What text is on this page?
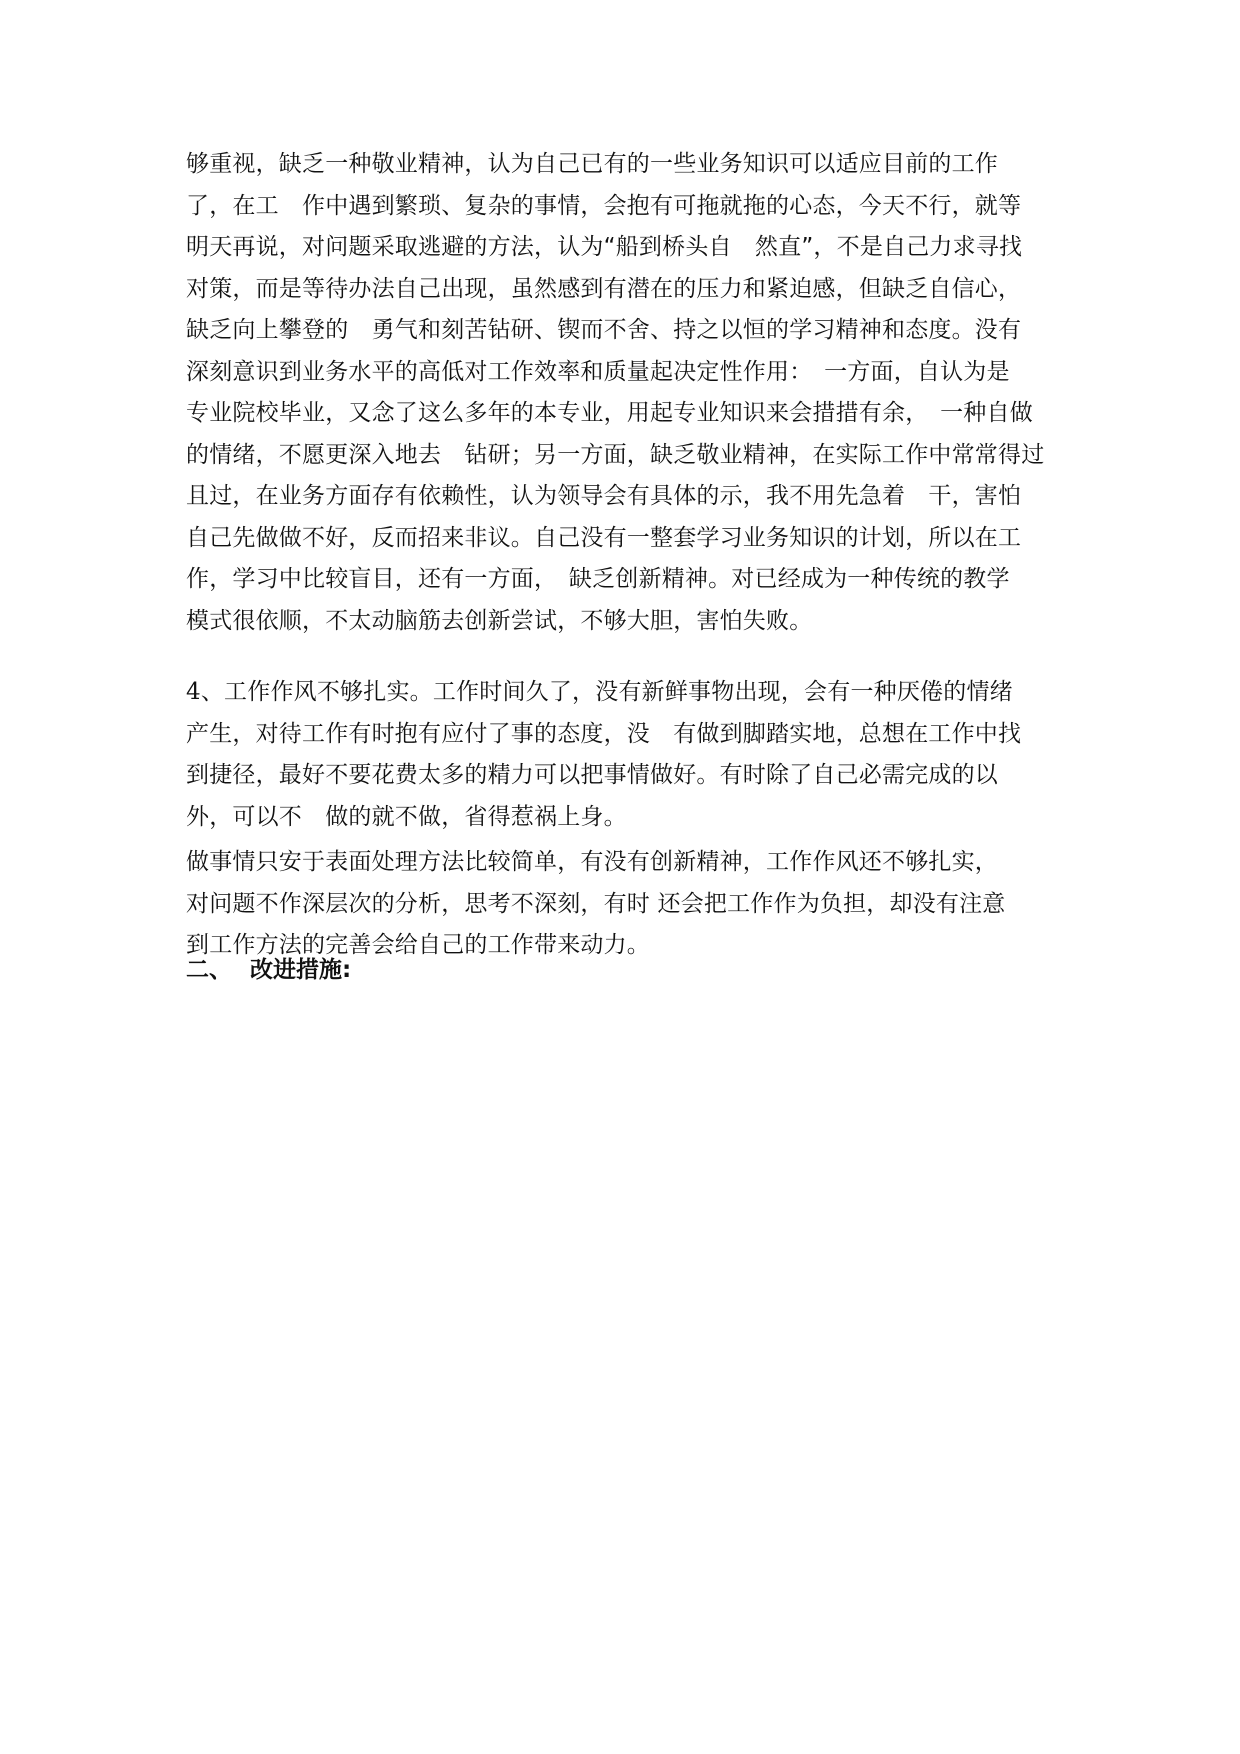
够重视，缺乏一种敬业精神，认为自己已有的一些业务知识可以适应目前的工作
了，在工　作中遇到繁琐、复杂的事情，会抱有可拖就拖的心态，今天不行，就等
明天再说，对问题采取逃避的方法，认为“船到桥头自　然直”，不是自己力求寻找
对策，而是等待办法自己出现，虽然感到有潜在的压力和紧迫感，但缺乏自信心，
缺乏向上攀登的　勇气和刻苦钻研、锲而不舍、持之以恒的学习精神和态度。没有
深刻意识到业务水平的高低对工作效率和质量起决定性作用：　一方面，自认为是
专业院校毕业，又念了这么多年的本专业，用起专业知识来会措措有余，　一种自做
的情绪，不愿更深入地去　钻研；另一方面，缺乏敬业精神，在实际工作中常常得过
且过，在业务方面存有依赖性，认为领导会有具体的示，我不用先急着　干，害怕
自己先做做不好，反而招来非议。自己没有一整套学习业务知识的计划，所以在工
作，学习中比较盲目，还有一方面，　缺乏创新精神。对已经成为一种传统的教学
模式很依顺，不太动脑筋去创新尝试，不够大胆，害怕失败。
4、工作作风不够扎实。工作时间久了，没有新鲜事物出现，会有一种厌倦的情绪
产生，对待工作有时抱有应付了事的态度，没　有做到脚踏实地，总想在工作中找
到捷径，最好不要花费太多的精力可以把事情做好。有时除了自己必需完成的以
外，可以不　做的就不做，省得惹祸上身。
做事情只安于表面处理方法比较简单，有没有创新精神，工作作风还不够扎实，
对问题不作深层次的分析，思考不深刻，有时 还会把工作作为负担，却没有注意
到工作方法的完善会给自己的工作带来动力。
二、 改进措施:
